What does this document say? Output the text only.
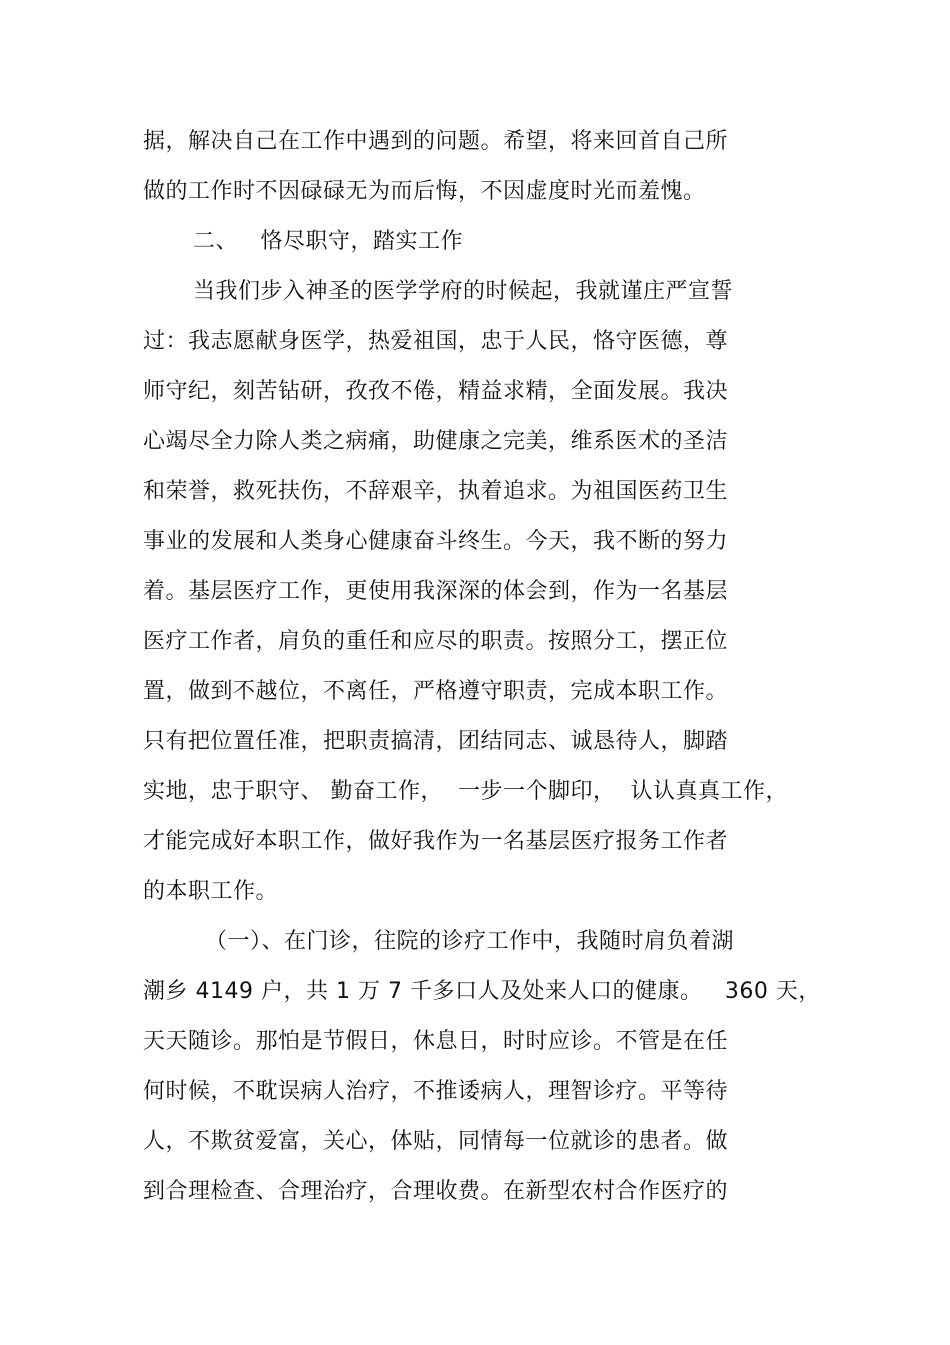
据，解决自己在工作中遇到的问题。希望，将来回首自己所
做的工作时不因碌碌无为而后悔，不因虚度时光而羞愧。
二、   恪尽职守，踏实工作
当我们步入神圣的医学学府的时候起，我就谨庄严宣誓
过：我志愿献身医学，热爱祖国，忠于人民，恪守医德，尊
师守纪，刻苦钻研，孜孜不倦，精益求精，全面发展。我决
心竭尽全力除人类之病痛，助健康之完美，维系医术的圣洁
和荣誉，救死扶伤，不辞艰辛，执着追求。为祖国医药卫生
事业的发展和人类身心健康奋斗终生。今天，我不断的努力
着。基层医疗工作，更使用我深深的体会到，作为一名基层
医疗工作者，肩负的重任和应尽的职责。按照分工，摆正位
置，做到不越位，不离任，严格遵守职责，完成本职工作。
只有把位置任准，把职责搞清，团结同志、诚恳待人，脚踏
实地，忠于职守、 勤奋工作，  一步一个脚印，  认认真真工作，
才能完成好本职工作，做好我作为一名基层医疗报务工作者
的本职工作。
（一）、在门诊，往院的诊疗工作中，我随时肩负着湖
潮乡 4149 户，共 1 万 7 千多口人及处来人口的健康。   360 天，
天天随诊。那怕是节假日，休息日，时时应诊。不管是在任
何时候，不耽误病人治疗，不推诿病人，理智诊疗。平等待
人，不欺贫爱富，关心，体贴，同情每一位就诊的患者。做
到合理检查、合理治疗，合理收费。在新型农村合作医疗的
